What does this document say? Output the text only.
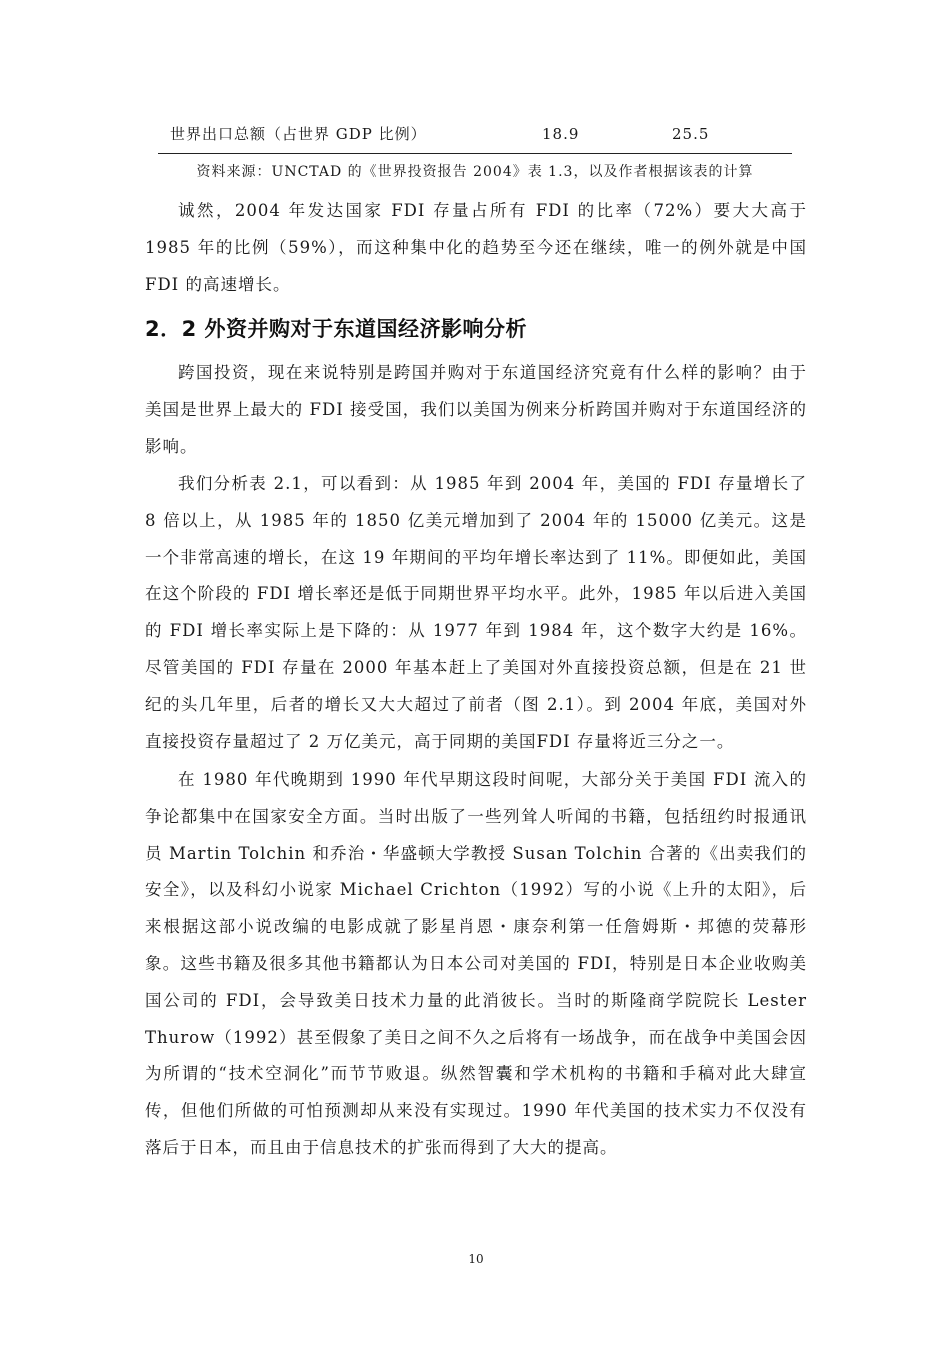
世界出口总额（占世界 GDP 比例）	18.9	25.5
资料来源：UNCTAD 的《世界投资报告 2004》表 1.3，以及作者根据该表的计算

诚然，2004 年发达国家 FDI 存量占所有 FDI 的比率（72%）要大大高于 1985 年的比例（59%），而这种集中化的趋势至今还在继续，唯一的例外就是中国 FDI 的高速增长。

2．2 外资并购对于东道国经济影响分析

跨国投资，现在来说特别是跨国并购对于东道国经济究竟有什么样的影响？由于美国是世界上最大的 FDI 接受国，我们以美国为例来分析跨国并购对于东道国经济的影响。

我们分析表 2.1，可以看到：从 1985 年到 2004 年，美国的 FDI 存量增长了 8 倍以上，从 1985 年的 1850 亿美元增加到了 2004 年的 15000 亿美元。这是一个非常高速的增长，在这 19 年期间的平均年增长率达到了 11%。即便如此，美国在这个阶段的 FDI 增长率还是低于同期世界平均水平。此外，1985 年以后进入美国的 FDI 增长率实际上是下降的：从 1977 年到 1984 年，这个数字大约是 16%。尽管美国的 FDI 存量在 2000 年基本赶上了美国对外直接投资总额，但是在 21 世纪的头几年里，后者的增长又大大超过了前者（图 2.1）。到 2004 年底，美国对外直接投资存量超过了 2 万亿美元，高于同期的美国FDI 存量将近三分之一。

在 1980 年代晚期到 1990 年代早期这段时间呢，大部分关于美国 FDI 流入的争论都集中在国家安全方面。当时出版了一些列耸人听闻的书籍，包括纽约时报通讯员 Martin Tolchin 和乔治・华盛顿大学教授 Susan Tolchin 合著的《出卖我们的安全》，以及科幻小说家 Michael Crichton（1992）写的小说《上升的太阳》，后来根据这部小说改编的电影成就了影星肖恩・康奈利第一任詹姆斯・邦德的荧幕形象。这些书籍及很多其他书籍都认为日本公司对美国的 FDI，特别是日本企业收购美国公司的 FDI，会导致美日技术力量的此消彼长。当时的斯隆商学院院长 Lester Thurow（1992）甚至假象了美日之间不久之后将有一场战争，而在战争中美国会因为所谓的“技术空洞化”而节节败退。纵然智囊和学术机构的书籍和手稿对此大肆宣传，但他们所做的可怕预测却从来没有实现过。1990 年代美国的技术实力不仅没有落后于日本，而且由于信息技术的扩张而得到了大大的提高。

10
